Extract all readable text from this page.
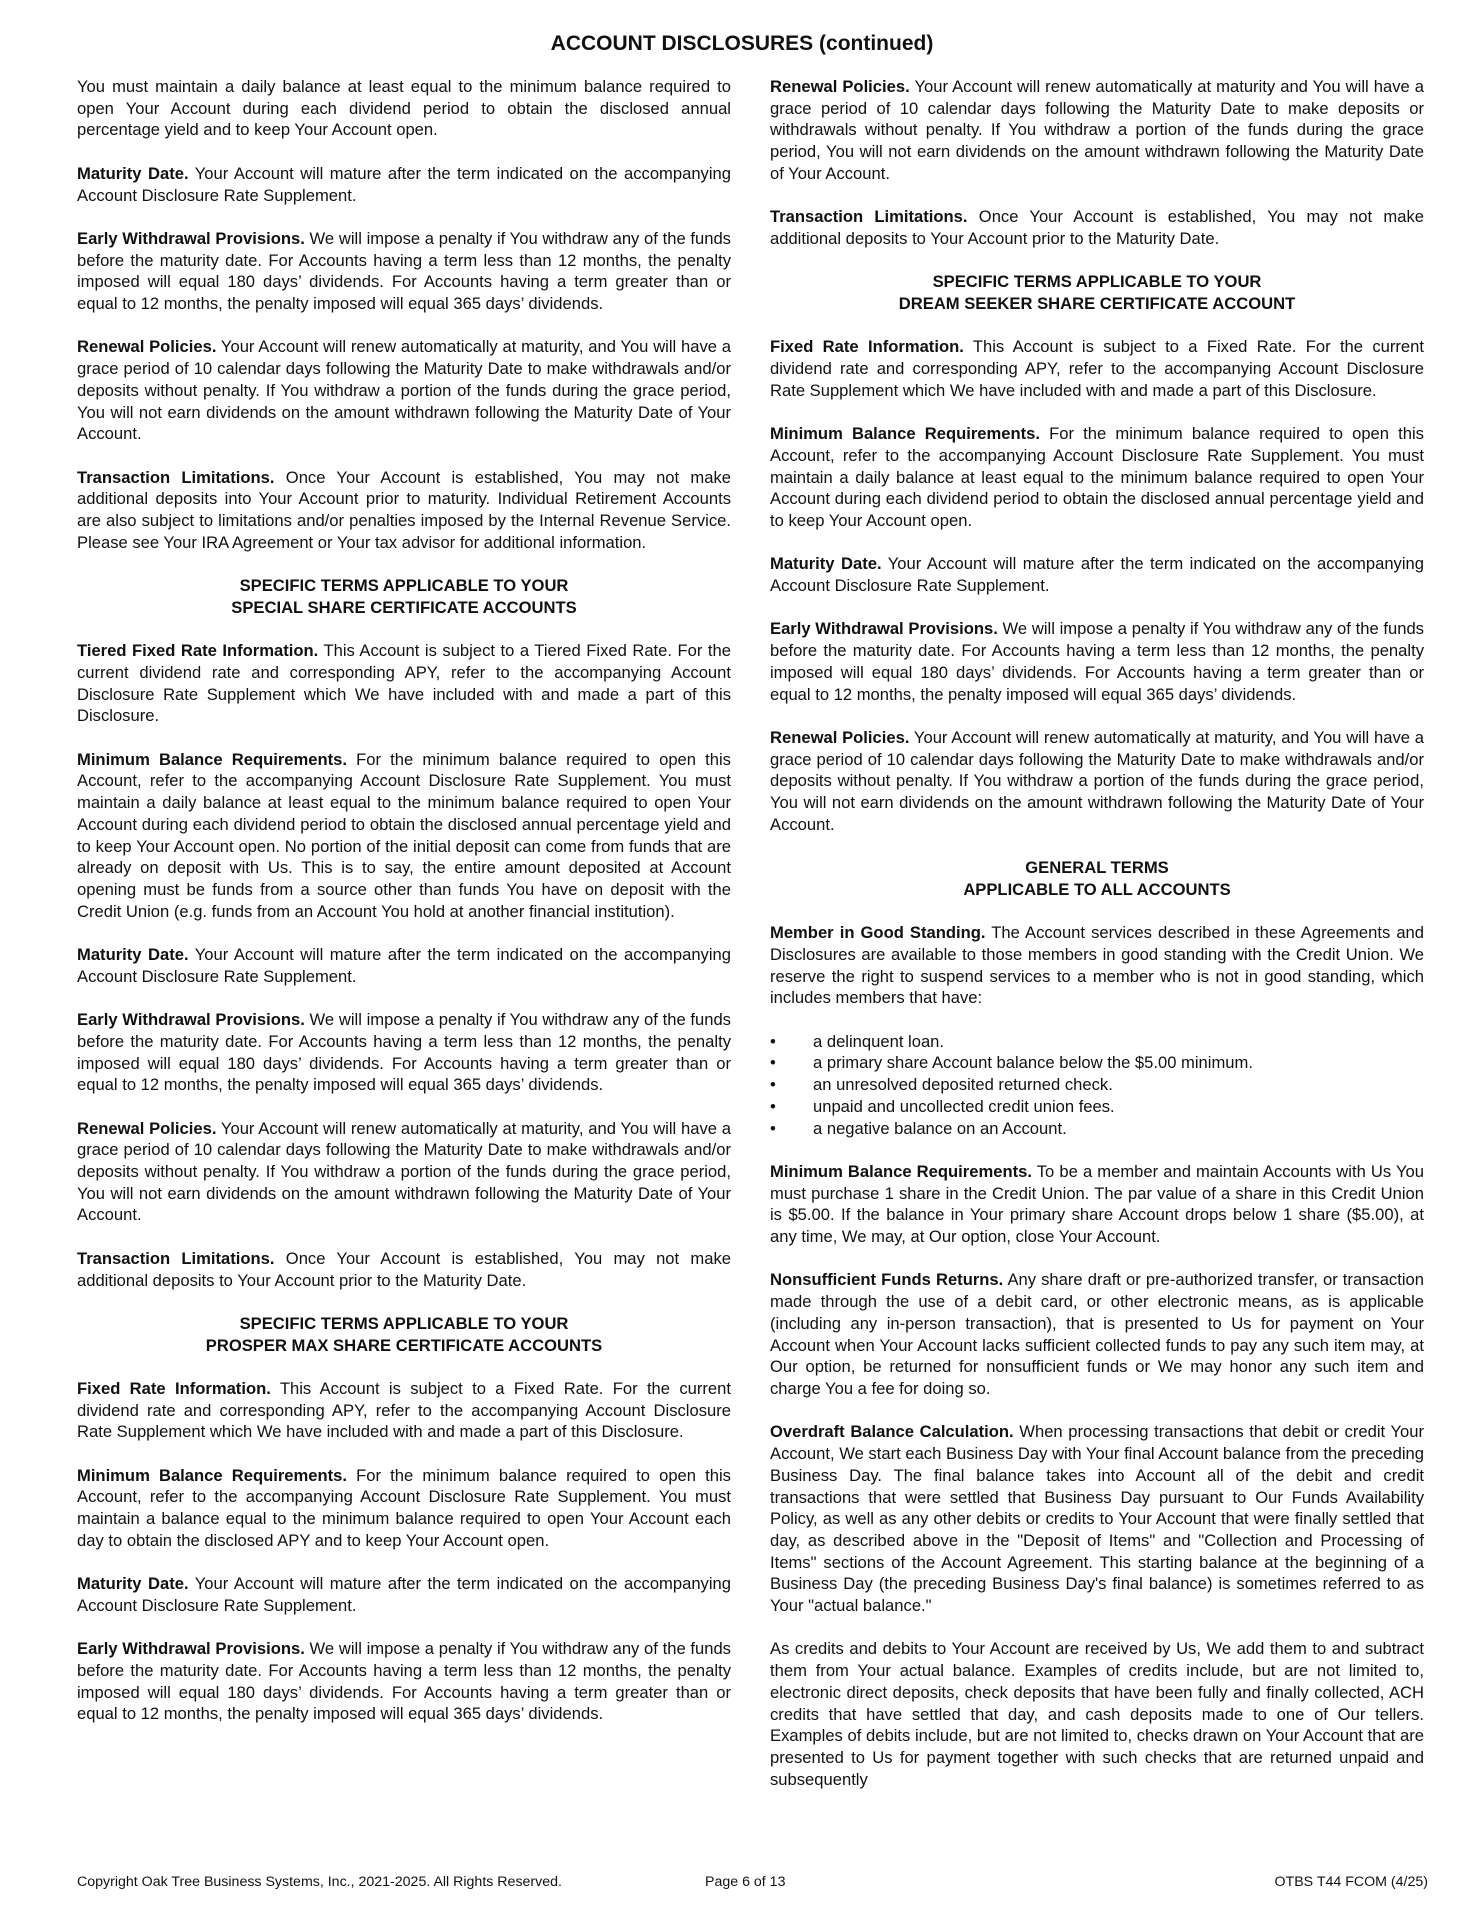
ACCOUNT DISCLOSURES (continued)

You must maintain a daily balance at least equal to the minimum balance required to open Your Account during each dividend period to obtain the disclosed annual percentage yield and to keep Your Account open.

Maturity Date. Your Account will mature after the term indicated on the accompanying Account Disclosure Rate Supplement.

Early Withdrawal Provisions. We will impose a penalty if You withdraw any of the funds before the maturity date. For Accounts having a term less than 12 months, the penalty imposed will equal 180 days’ dividends. For Accounts having a term greater than or equal to 12 months, the penalty imposed will equal 365 days’ dividends.

Renewal Policies. Your Account will renew automatically at maturity, and You will have a grace period of 10 calendar days following the Maturity Date to make withdrawals and/or deposits without penalty. If You withdraw a portion of the funds during the grace period, You will not earn dividends on the amount withdrawn following the Maturity Date of Your Account.

Transaction Limitations. Once Your Account is established, You may not make additional deposits into Your Account prior to maturity. Individual Retirement Accounts are also subject to limitations and/or penalties imposed by the Internal Revenue Service. Please see Your IRA Agreement or Your tax advisor for additional information.

SPECIFIC TERMS APPLICABLE TO YOUR
SPECIAL SHARE CERTIFICATE ACCOUNTS

Tiered Fixed Rate Information. This Account is subject to a Tiered Fixed Rate. For the current dividend rate and corresponding APY, refer to the accompanying Account Disclosure Rate Supplement which We have included with and made a part of this Disclosure.

Minimum Balance Requirements. For the minimum balance required to open this Account, refer to the accompanying Account Disclosure Rate Supplement. You must maintain a daily balance at least equal to the minimum balance required to open Your Account during each dividend period to obtain the disclosed annual percentage yield and to keep Your Account open. No portion of the initial deposit can come from funds that are already on deposit with Us. This is to say, the entire amount deposited at Account opening must be funds from a source other than funds You have on deposit with the Credit Union (e.g. funds from an Account You hold at another financial institution).

Maturity Date. Your Account will mature after the term indicated on the accompanying Account Disclosure Rate Supplement.

Early Withdrawal Provisions. We will impose a penalty if You withdraw any of the funds before the maturity date. For Accounts having a term less than 12 months, the penalty imposed will equal 180 days’ dividends. For Accounts having a term greater than or equal to 12 months, the penalty imposed will equal 365 days’ dividends.

Renewal Policies. Your Account will renew automatically at maturity, and You will have a grace period of 10 calendar days following the Maturity Date to make withdrawals and/or deposits without penalty. If You withdraw a portion of the funds during the grace period, You will not earn dividends on the amount withdrawn following the Maturity Date of Your Account.

Transaction Limitations. Once Your Account is established, You may not make additional deposits to Your Account prior to the Maturity Date.

SPECIFIC TERMS APPLICABLE TO YOUR
PROSPER MAX SHARE CERTIFICATE ACCOUNTS

Fixed Rate Information. This Account is subject to a Fixed Rate. For the current dividend rate and corresponding APY, refer to the accompanying Account Disclosure Rate Supplement which We have included with and made a part of this Disclosure.

Minimum Balance Requirements. For the minimum balance required to open this Account, refer to the accompanying Account Disclosure Rate Supplement. You must maintain a balance equal to the minimum balance required to open Your Account each day to obtain the disclosed APY and to keep Your Account open.

Maturity Date. Your Account will mature after the term indicated on the accompanying Account Disclosure Rate Supplement.

Early Withdrawal Provisions. We will impose a penalty if You withdraw any of the funds before the maturity date. For Accounts having a term less than 12 months, the penalty imposed will equal 180 days’ dividends. For Accounts having a term greater than or equal to 12 months, the penalty imposed will equal 365 days’ dividends.

Renewal Policies. Your Account will renew automatically at maturity and You will have a grace period of 10 calendar days following the Maturity Date to make deposits or withdrawals without penalty. If You withdraw a portion of the funds during the grace period, You will not earn dividends on the amount withdrawn following the Maturity Date of Your Account.

Transaction Limitations. Once Your Account is established, You may not make additional deposits to Your Account prior to the Maturity Date.

SPECIFIC TERMS APPLICABLE TO YOUR
DREAM SEEKER SHARE CERTIFICATE ACCOUNT

Fixed Rate Information. This Account is subject to a Fixed Rate. For the current dividend rate and corresponding APY, refer to the accompanying Account Disclosure Rate Supplement which We have included with and made a part of this Disclosure.

Minimum Balance Requirements. For the minimum balance required to open this Account, refer to the accompanying Account Disclosure Rate Supplement. You must maintain a daily balance at least equal to the minimum balance required to open Your Account during each dividend period to obtain the disclosed annual percentage yield and to keep Your Account open.

Maturity Date. Your Account will mature after the term indicated on the accompanying Account Disclosure Rate Supplement.

Early Withdrawal Provisions. We will impose a penalty if You withdraw any of the funds before the maturity date. For Accounts having a term less than 12 months, the penalty imposed will equal 180 days’ dividends. For Accounts having a term greater than or equal to 12 months, the penalty imposed will equal 365 days’ dividends.

Renewal Policies. Your Account will renew automatically at maturity, and You will have a grace period of 10 calendar days following the Maturity Date to make withdrawals and/or deposits without penalty. If You withdraw a portion of the funds during the grace period, You will not earn dividends on the amount withdrawn following the Maturity Date of Your Account.

GENERAL TERMS
APPLICABLE TO ALL ACCOUNTS

Member in Good Standing. The Account services described in these Agreements and Disclosures are available to those members in good standing with the Credit Union. We reserve the right to suspend services to a member who is not in good standing, which includes members that have:

• a delinquent loan.
• a primary share Account balance below the $5.00 minimum.
• an unresolved deposited returned check.
• unpaid and uncollected credit union fees.
• a negative balance on an Account.

Minimum Balance Requirements. To be a member and maintain Accounts with Us You must purchase 1 share in the Credit Union. The par value of a share in this Credit Union is $5.00. If the balance in Your primary share Account drops below 1 share ($5.00), at any time, We may, at Our option, close Your Account.

Nonsufficient Funds Returns. Any share draft or pre-authorized transfer, or transaction made through the use of a debit card, or other electronic means, as is applicable (including any in-person transaction), that is presented to Us for payment on Your Account when Your Account lacks sufficient collected funds to pay any such item may, at Our option, be returned for nonsufficient funds or We may honor any such item and charge You a fee for doing so.

Overdraft Balance Calculation. When processing transactions that debit or credit Your Account, We start each Business Day with Your final Account balance from the preceding Business Day. The final balance takes into Account all of the debit and credit transactions that were settled that Business Day pursuant to Our Funds Availability Policy, as well as any other debits or credits to Your Account that were finally settled that day, as described above in the "Deposit of Items" and "Collection and Processing of Items" sections of the Account Agreement. This starting balance at the beginning of a Business Day (the preceding Business Day's final balance) is sometimes referred to as Your "actual balance."

As credits and debits to Your Account are received by Us, We add them to and subtract them from Your actual balance. Examples of credits include, but are not limited to, electronic direct deposits, check deposits that have been fully and finally collected, ACH credits that have settled that day, and cash deposits made to one of Our tellers. Examples of debits include, but are not limited to, checks drawn on Your Account that are presented to Us for payment together with such checks that are returned unpaid and subsequently

Copyright Oak Tree Business Systems, Inc., 2021-2025. All Rights Reserved.	Page 6 of 13	OTBS T44 FCOM (4/25)
